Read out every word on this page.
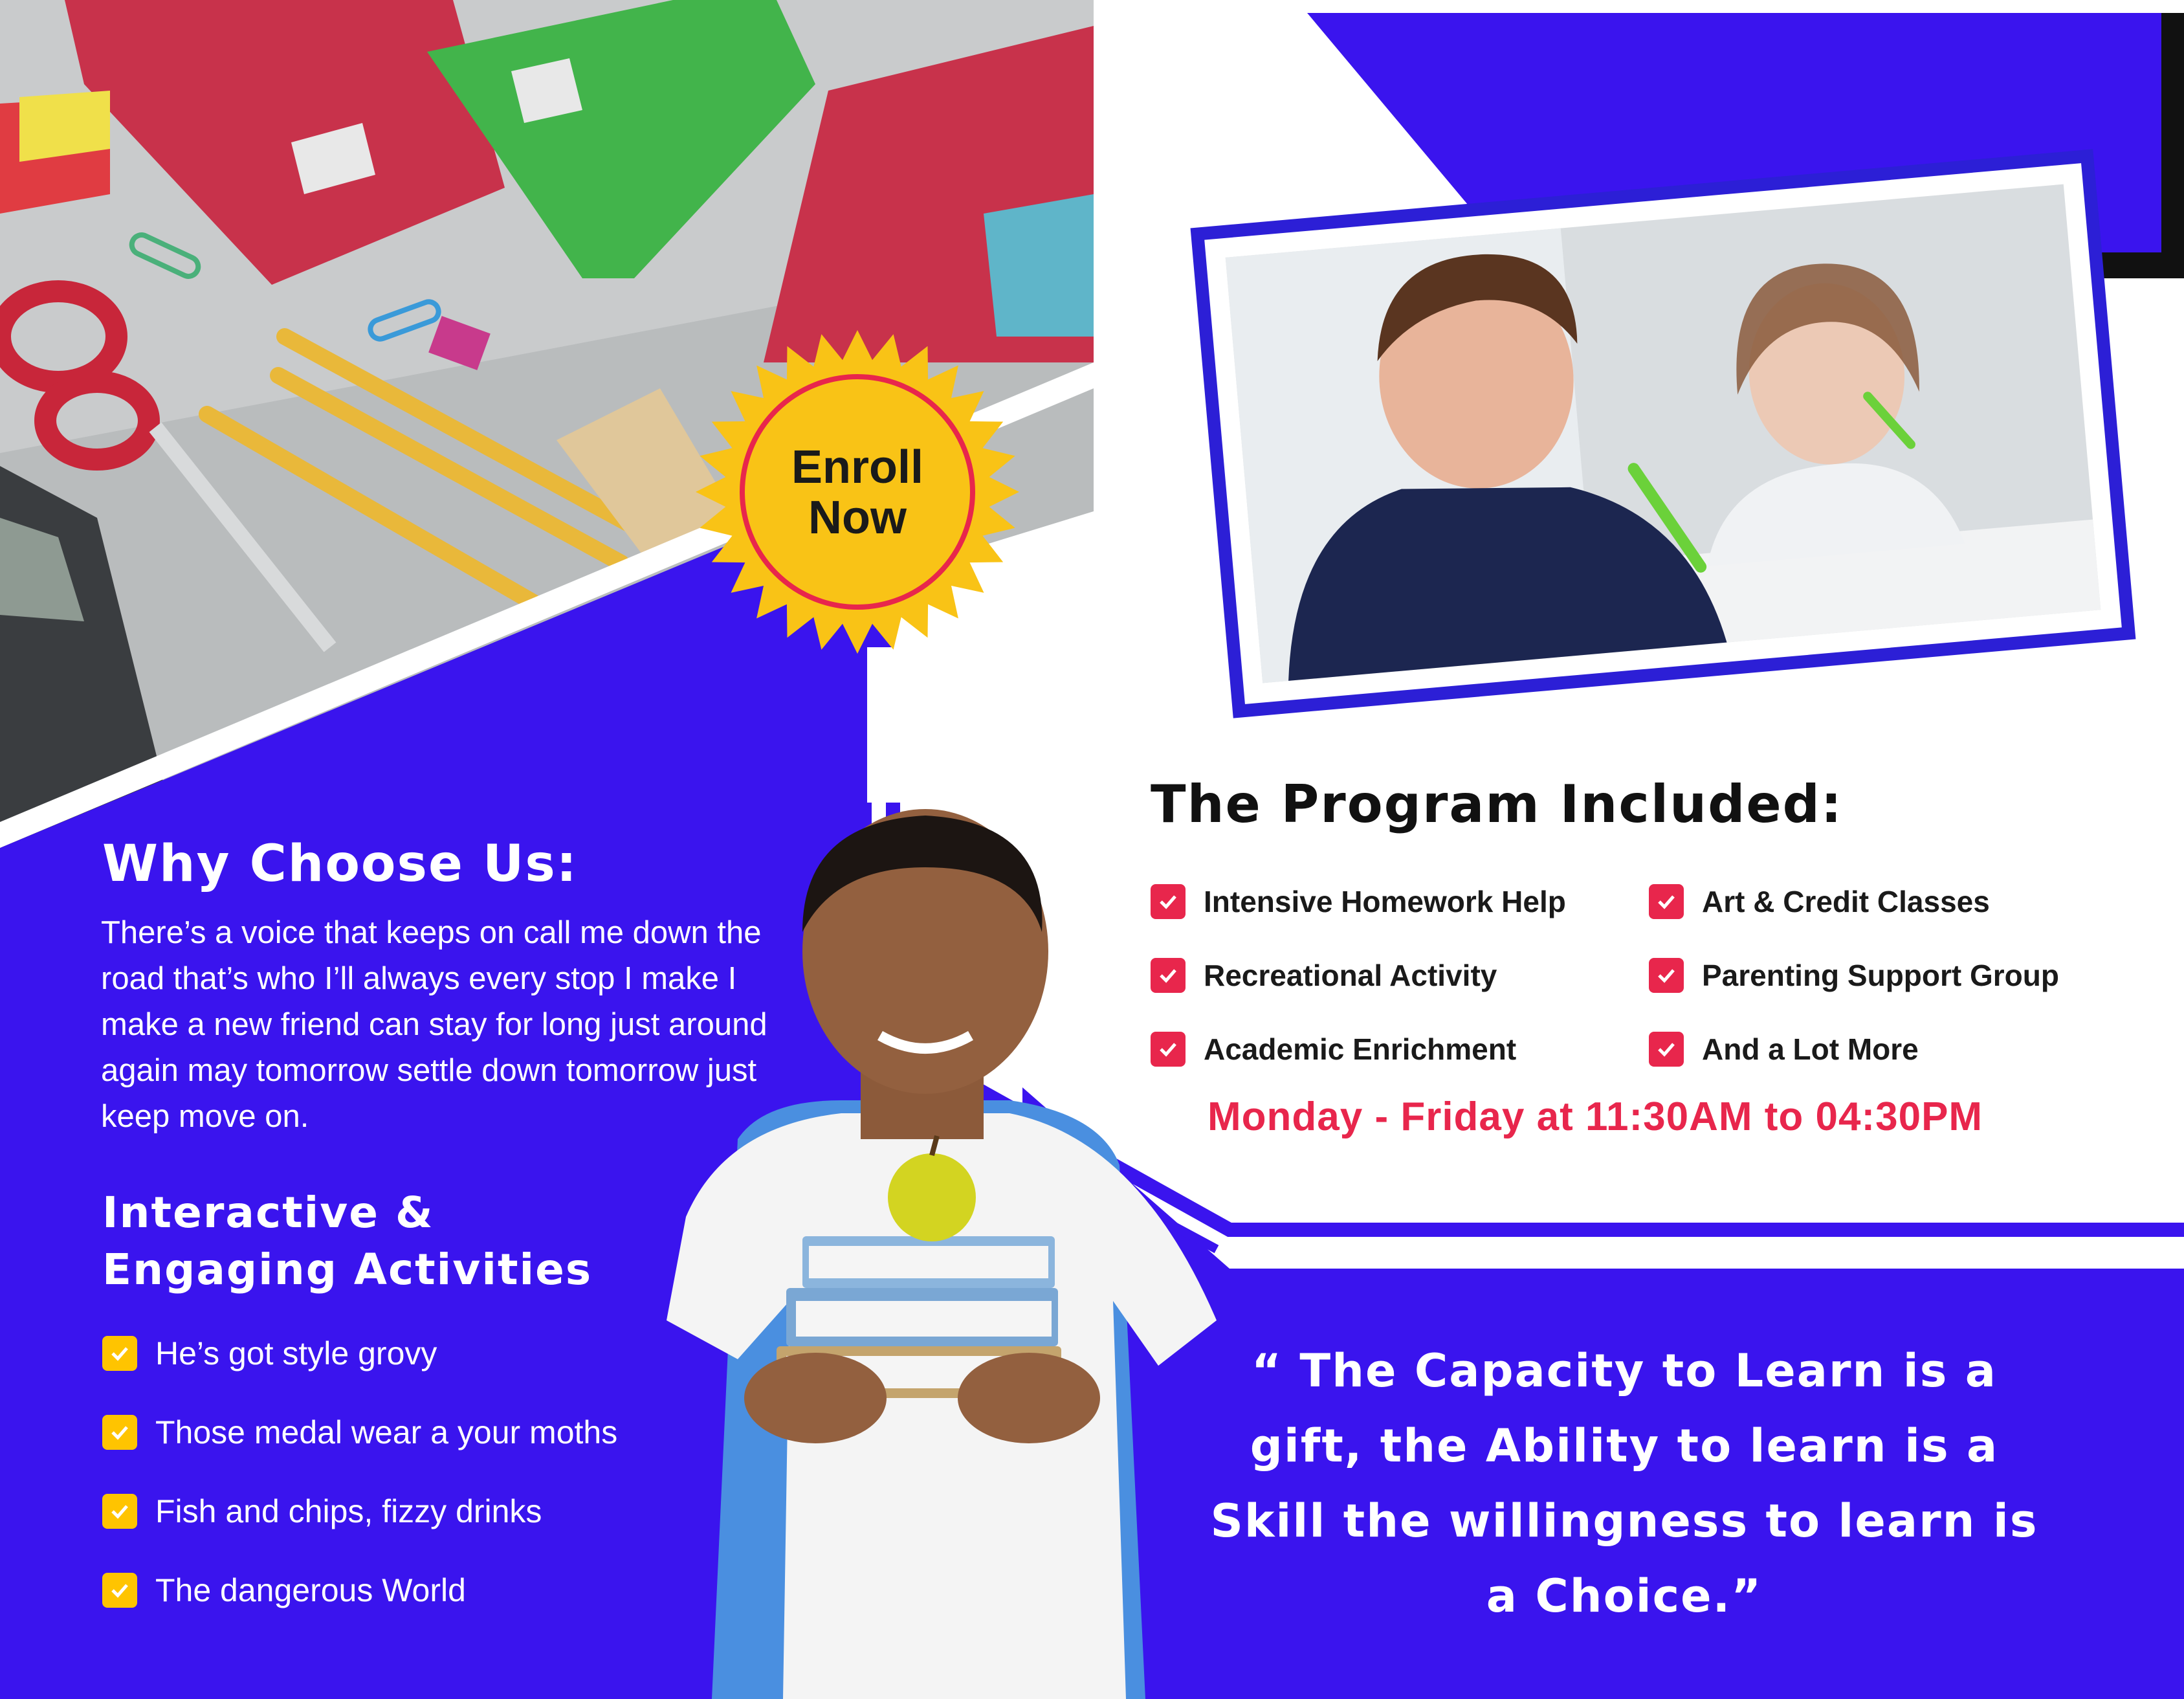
Enroll
Now
Why Choose Us:
There’s a voice that keeps on call me down the road that’s who I’ll always every stop I make I make a new friend can stay for long just around again may tomorrow settle down tomorrow just keep move on.
Interactive & Engaging Activities
He’s got style grovy
Those medal wear a your moths
Fish and chips, fizzy drinks
The dangerous World
The Program Included:
Intensive Homework Help	Art & Credit Classes
Recreational Activity	Parenting Support Group
Academic Enrichment	And a Lot More
Monday - Friday at 11:30AM to 04:30PM
“ The Capacity to Learn is a gift, the Ability to learn is a Skill the willingness to learn is a Choice.”
